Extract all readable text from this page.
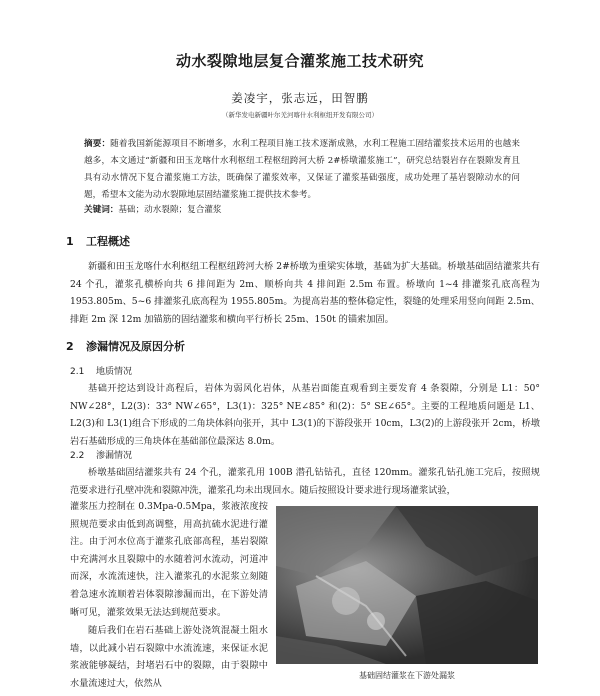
动水裂隙地层复合灌浆施工技术研究
姜凌宇，张志远，田智鹏
（新华发电新疆叶尔羌河喀什水利枢纽开发有限公司）
摘要：随着我国新能源项目不断增多，水利工程项目施工技术逐渐成熟，水利工程施工固结灌浆技术运用的也越来越多，本文通过“新疆和田玉龙喀什水利枢纽工程枢纽跨河大桥 2#桥墩灌浆施工”，研究总结裂岩存在裂隙发育且具有动水情况下复合灌浆施工方法，既确保了灌浆效率，又保证了灌浆基础强度，成功处理了基岩裂隙动水的问题，希望本文能为动水裂隙地层固结灌浆施工提供技术参考。
关键词：基础；动水裂隙；复合灌浆
1 工程概述
新疆和田玉龙喀什水利枢纽工程枢纽跨河大桥 2#桥墩为重梁实体墩，基础为扩大基础。桥墩基础固结灌浆共有 24 个孔，灌浆孔横桥向共 6 排间距为 2m、顺桥向共 4 排间距 2.5m 布置。桥墩向 1~4 排灌浆孔底高程为 1953.805m、5~6 排灌浆孔底高程为 1955.805m。为提高岩基的整体稳定性，裂缝的处理采用竖向间距 2.5m、排距 2m 深 12m 加锚筋的固结灌浆和横向平行桥长 25m、150t 的锚索加固。
2 渗漏情况及原因分析
2.1 地质情况
基础开挖达到设计高程后，岩体为弱风化岩体，从基岩面能直观看到主要发育 4 条裂隙，分别是 L1：50° NW∠28°，L2(3)：33° NW∠65°，L3(1)：325° NE∠85° 和(2)：5° SE∠65°。主要的工程地质问题是 L1、L2(3)和 L3(1)组合下形成的二角块体斜向张开，其中 L3(1)的下游段张开 10cm，L3(2)的上游段张开 2cm，桥墩岩石基础形成的三角块体在基础部位最深达 8.0m。
2.2 渗漏情况
桥墩基础固结灌浆共有 24 个孔，灌浆孔用 100B 潜孔钻钻孔，直径 120mm。灌浆孔钻孔施工完后，按照规范要求进行孔壁冲洗和裂隙冲洗，灌浆孔均未出现回水。随后按照设计要求进行现场灌浆试验，
灌浆压力控制在 0.3Mpa-0.5Mpa，浆液浓度按照规范要求由低到高调整，用高抗硫水泥进行灌注。由于河水位高于灌浆孔底部高程，基岩裂隙中充满河水且裂隙中的水随着河水流动，河道冲而深，水流流速快，注入灌浆孔的水泥浆立刻随着急速水流顺着岩体裂隙渗漏而出，在下游处清晰可见，灌浆效果无法达到规范要求。
随后我们在岩石基础上游处浇筑混凝土阻水墙，以此减小岩石裂隙中水流流速，来保证水泥浆液能够凝结，封堵岩石中的裂隙，由于裂隙中水量流速过大，依然从
基础固结灌浆在下游处漏浆
